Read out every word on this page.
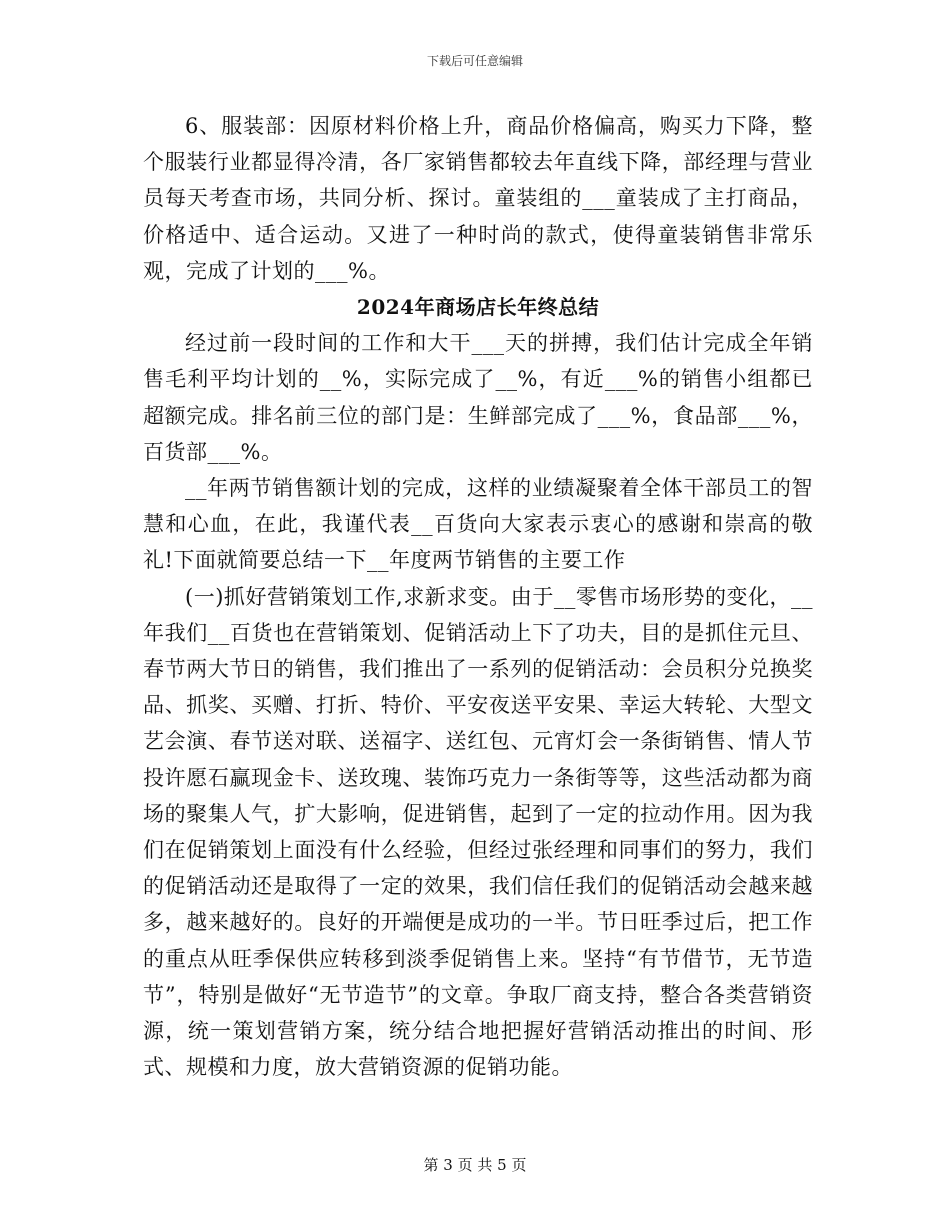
下载后可任意编辑

6、服装部：因原材料价格上升，商品价格偏高，购买力下降，整个服装行业都显得冷清，各厂家销售都较去年直线下降，部经理与营业员每天考查市场，共同分析、探讨。童装组的___童装成了主打商品，价格适中、适合运动。又进了一种时尚的款式，使得童装销售非常乐观，完成了计划的___%。

2024年商场店长年终总结

经过前一段时间的工作和大干___天的拼搏，我们估计完成全年销售毛利平均计划的__%，实际完成了__%，有近___%的销售小组都已超额完成。排名前三位的部门是：生鲜部完成了___%，食品部___%，百货部___%。

__年两节销售额计划的完成，这样的业绩凝聚着全体干部员工的智慧和心血，在此，我谨代表__百货向大家表示衷心的感谢和崇高的敬礼!下面就简要总结一下__年度两节销售的主要工作

(一)抓好营销策划工作,求新求变。由于__零售市场形势的变化，__年我们__百货也在营销策划、促销活动上下了功夫，目的是抓住元旦、春节两大节日的销售，我们推出了一系列的促销活动：会员积分兑换奖品、抓奖、买赠、打折、特价、平安夜送平安果、幸运大转轮、大型文艺会演、春节送对联、送福字、送红包、元宵灯会一条街销售、情人节投许愿石赢现金卡、送玫瑰、装饰巧克力一条街等等，这些活动都为商场的聚集人气，扩大影响，促进销售，起到了一定的拉动作用。因为我们在促销策划上面没有什么经验，但经过张经理和同事们的努力，我们的促销活动还是取得了一定的效果，我们信任我们的促销活动会越来越多，越来越好的。良好的开端便是成功的一半。节日旺季过后，把工作的重点从旺季保供应转移到淡季促销售上来。坚持“有节借节，无节造节”，特别是做好“无节造节”的文章。争取厂商支持，整合各类营销资源，统一策划营销方案，统分结合地把握好营销活动推出的时间、形式、规模和力度，放大营销资源的促销功能。

第 3 页 共 5 页
